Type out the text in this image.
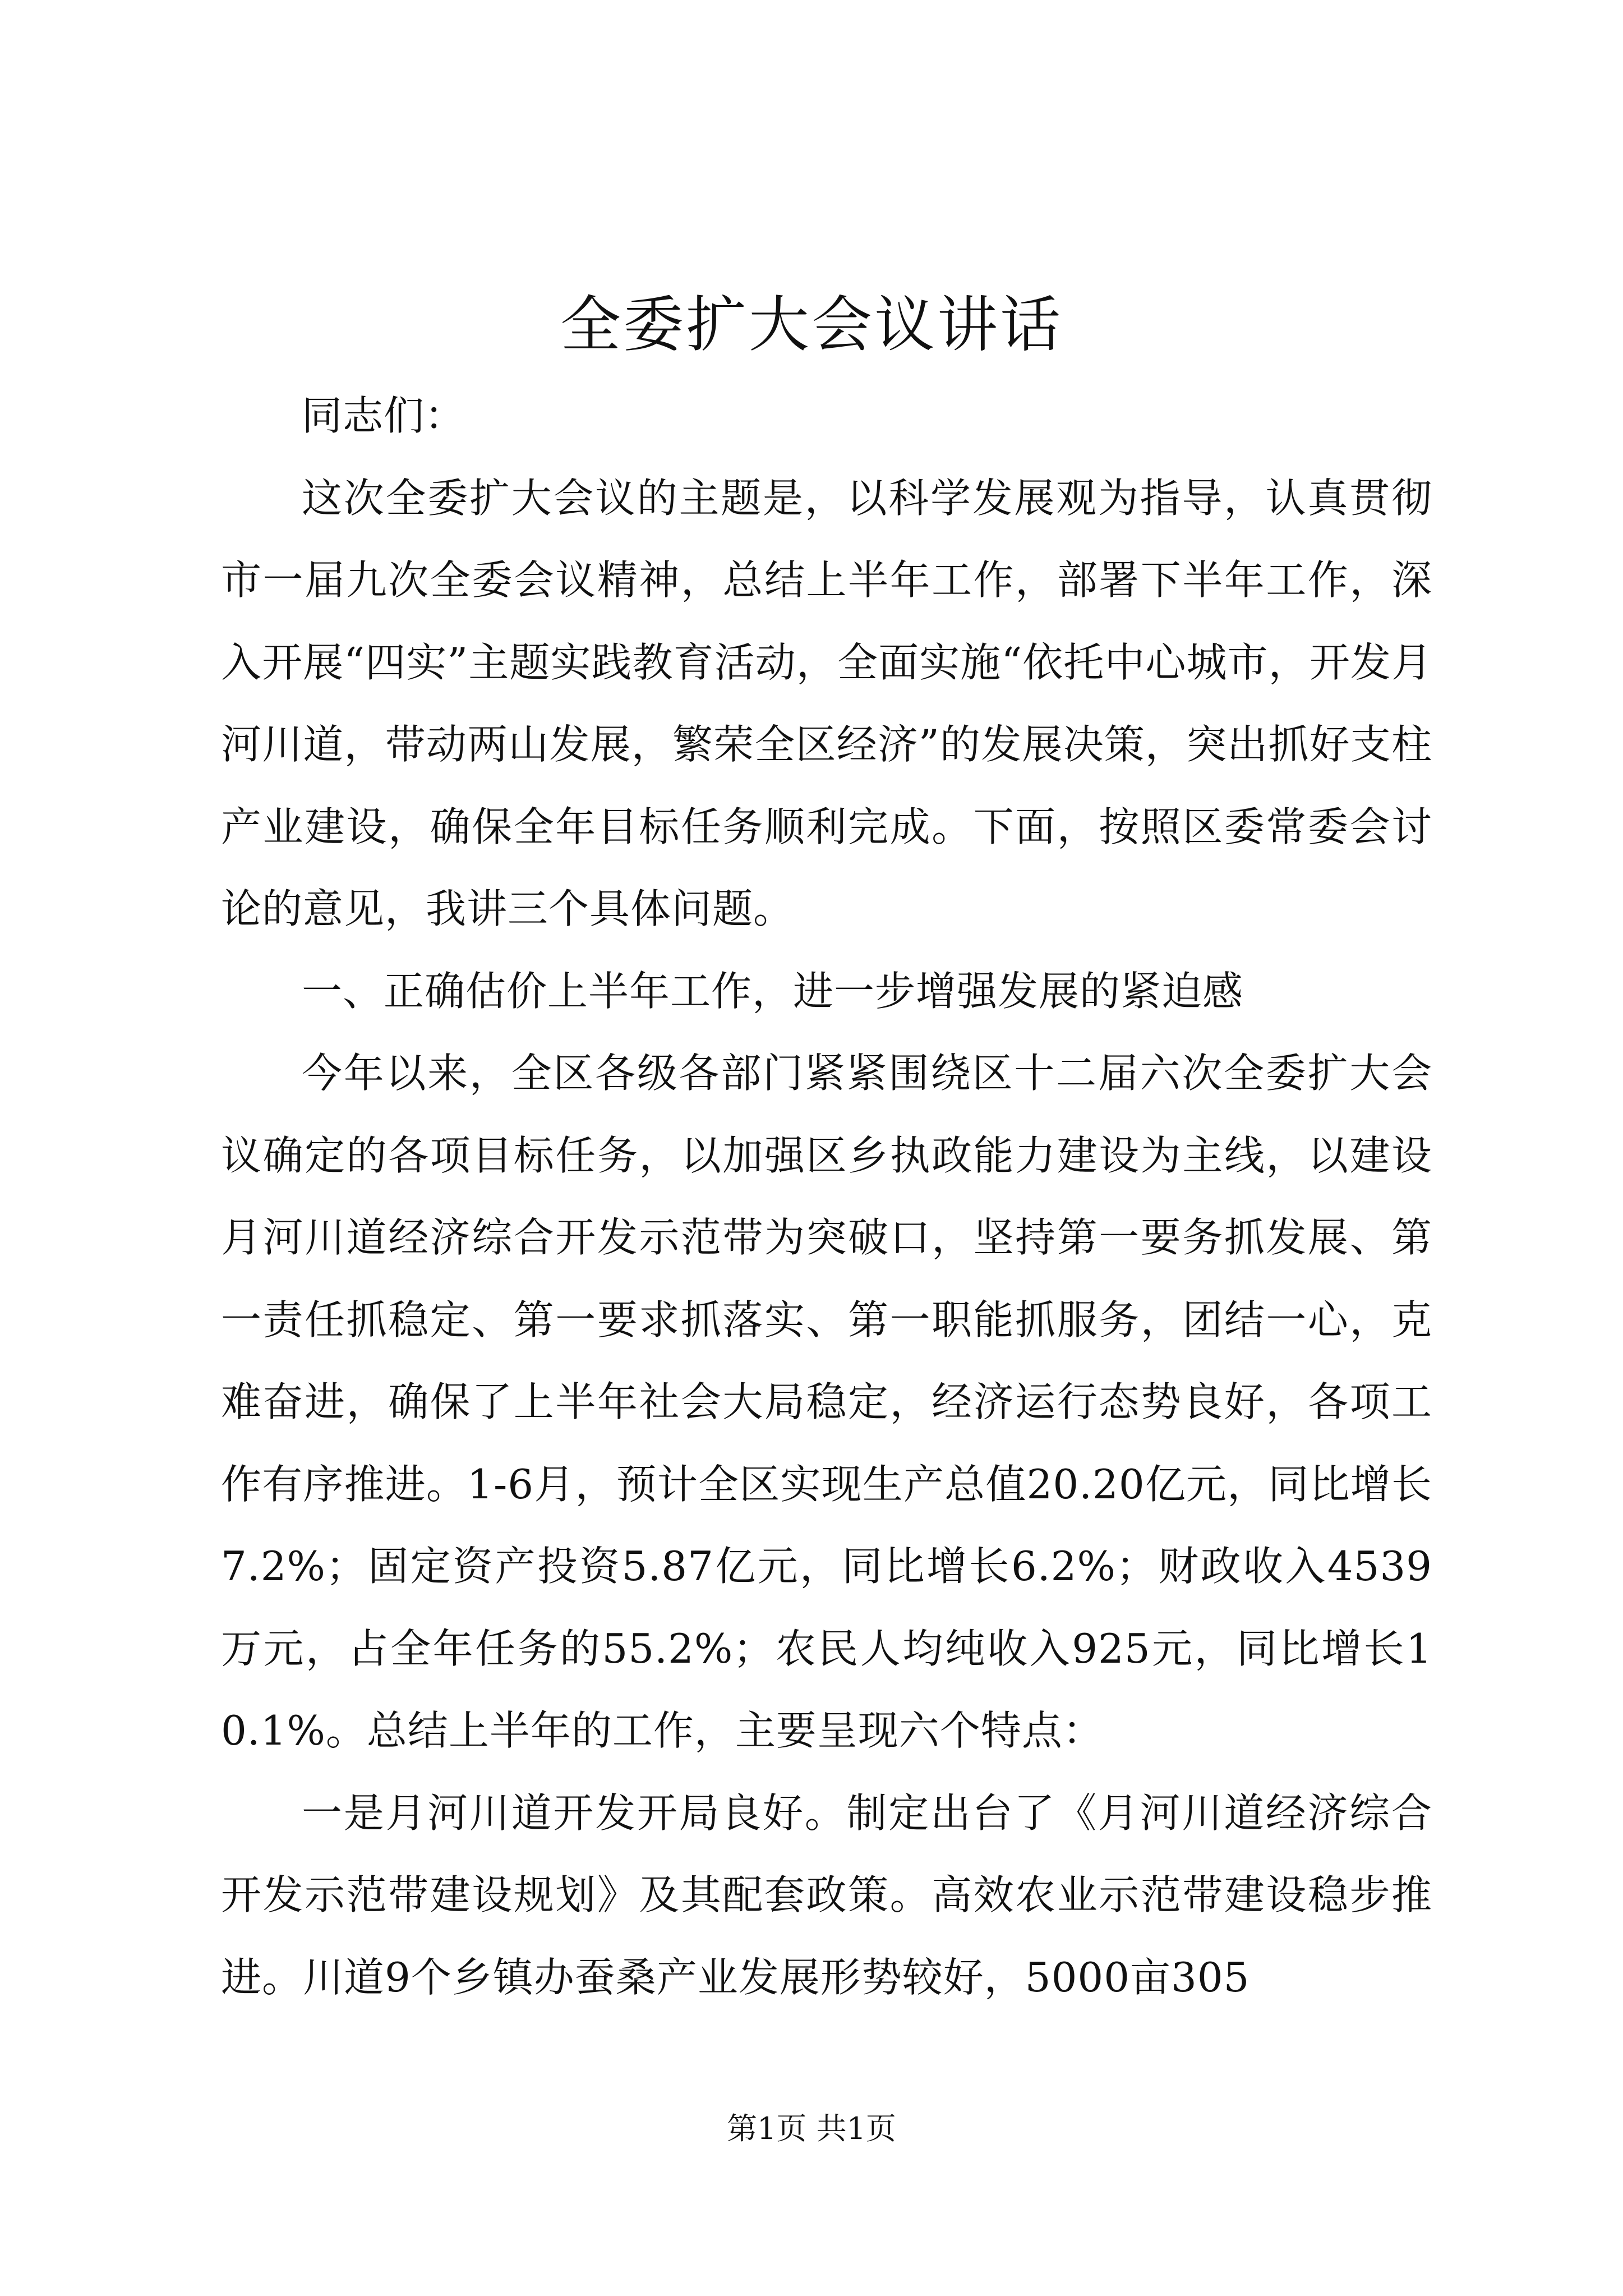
全委扩大会议讲话

同志们：

这次全委扩大会议的主题是，以科学发展观为指导，认真贯彻市一届九次全委会议精神，总结上半年工作，部署下半年工作，深入开展“四实”主题实践教育活动，全面实施“依托中心城市，开发月河川道，带动两山发展，繁荣全区经济”的发展决策，突出抓好支柱产业建设，确保全年目标任务顺利完成。下面，按照区委常委会讨论的意见，我讲三个具体问题。

一、正确估价上半年工作，进一步增强发展的紧迫感

今年以来，全区各级各部门紧紧围绕区十二届六次全委扩大会议确定的各项目标任务，以加强区乡执政能力建设为主线，以建设月河川道经济综合开发示范带为突破口，坚持第一要务抓发展、第一责任抓稳定、第一要求抓落实、第一职能抓服务，团结一心，克难奋进，确保了上半年社会大局稳定，经济运行态势良好，各项工作有序推进。1-6月，预计全区实现生产总值20.20亿元，同比增长7.2%；固定资产投资5.87亿元，同比增长6.2%；财政收入4539万元，占全年任务的55.2%；农民人均纯收入925元，同比增长10.1%。总结上半年的工作，主要呈现六个特点：

一是月河川道开发开局良好。制定出台了《月河川道经济综合开发示范带建设规划》及其配套政策。高效农业示范带建设稳步推进。川道9个乡镇办蚕桑产业发展形势较好，5000亩305

第1页 共1页
